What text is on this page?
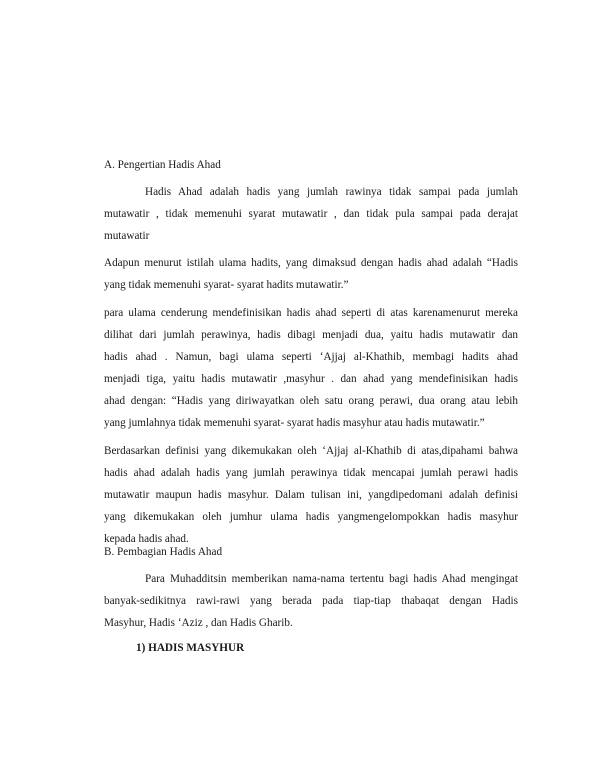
A. Pengertian Hadis Ahad
Hadis Ahad adalah hadis yang jumlah rawinya tidak sampai pada jumlah
mutawatir , tidak memenuhi syarat mutawatir , dan tidak pula sampai pada derajat
mutawatir
Adapun menurut istilah ulama hadits, yang dimaksud dengan hadis ahad adalah “Hadis
yang tidak memenuhi syarat- syarat hadits mutawatir.”
para ulama cenderung mendefinisikan hadis ahad seperti di atas karenamenurut mereka
dilihat dari jumlah perawinya, hadis dibagi menjadi dua, yaitu hadis mutawatir dan
hadis ahad . Namun, bagi ulama seperti ‘Ajjaj al-Khathib, membagi hadits ahad
menjadi tiga, yaitu hadis mutawatir ,masyhur . dan ahad yang mendefinisikan hadis
ahad dengan: “Hadis yang diriwayatkan oleh satu orang perawi, dua orang atau lebih
yang jumlahnya tidak memenuhi syarat- syarat hadis masyhur atau hadis mutawatir.”
Berdasarkan definisi yang dikemukakan oleh ‘Ajjaj al-Khathib di atas,dipahami bahwa
hadis ahad adalah hadis yang jumlah perawinya tidak mencapai jumlah perawi hadis
mutawatir maupun hadis masyhur. Dalam tulisan ini, yangdipedomani adalah definisi
yang dikemukakan oleh jumhur ulama hadis yangmengelompokkan hadis masyhur
kepada hadis ahad.
B. Pembagian Hadis Ahad
Para Muhadditsin memberikan nama-nama tertentu bagi hadis Ahad mengingat
banyak-sedikitnya rawi-rawi yang berada pada tiap-tiap thabaqat dengan Hadis
Masyhur, Hadis ‘Aziz , dan Hadis Gharib.
1) HADIS MASYHUR
